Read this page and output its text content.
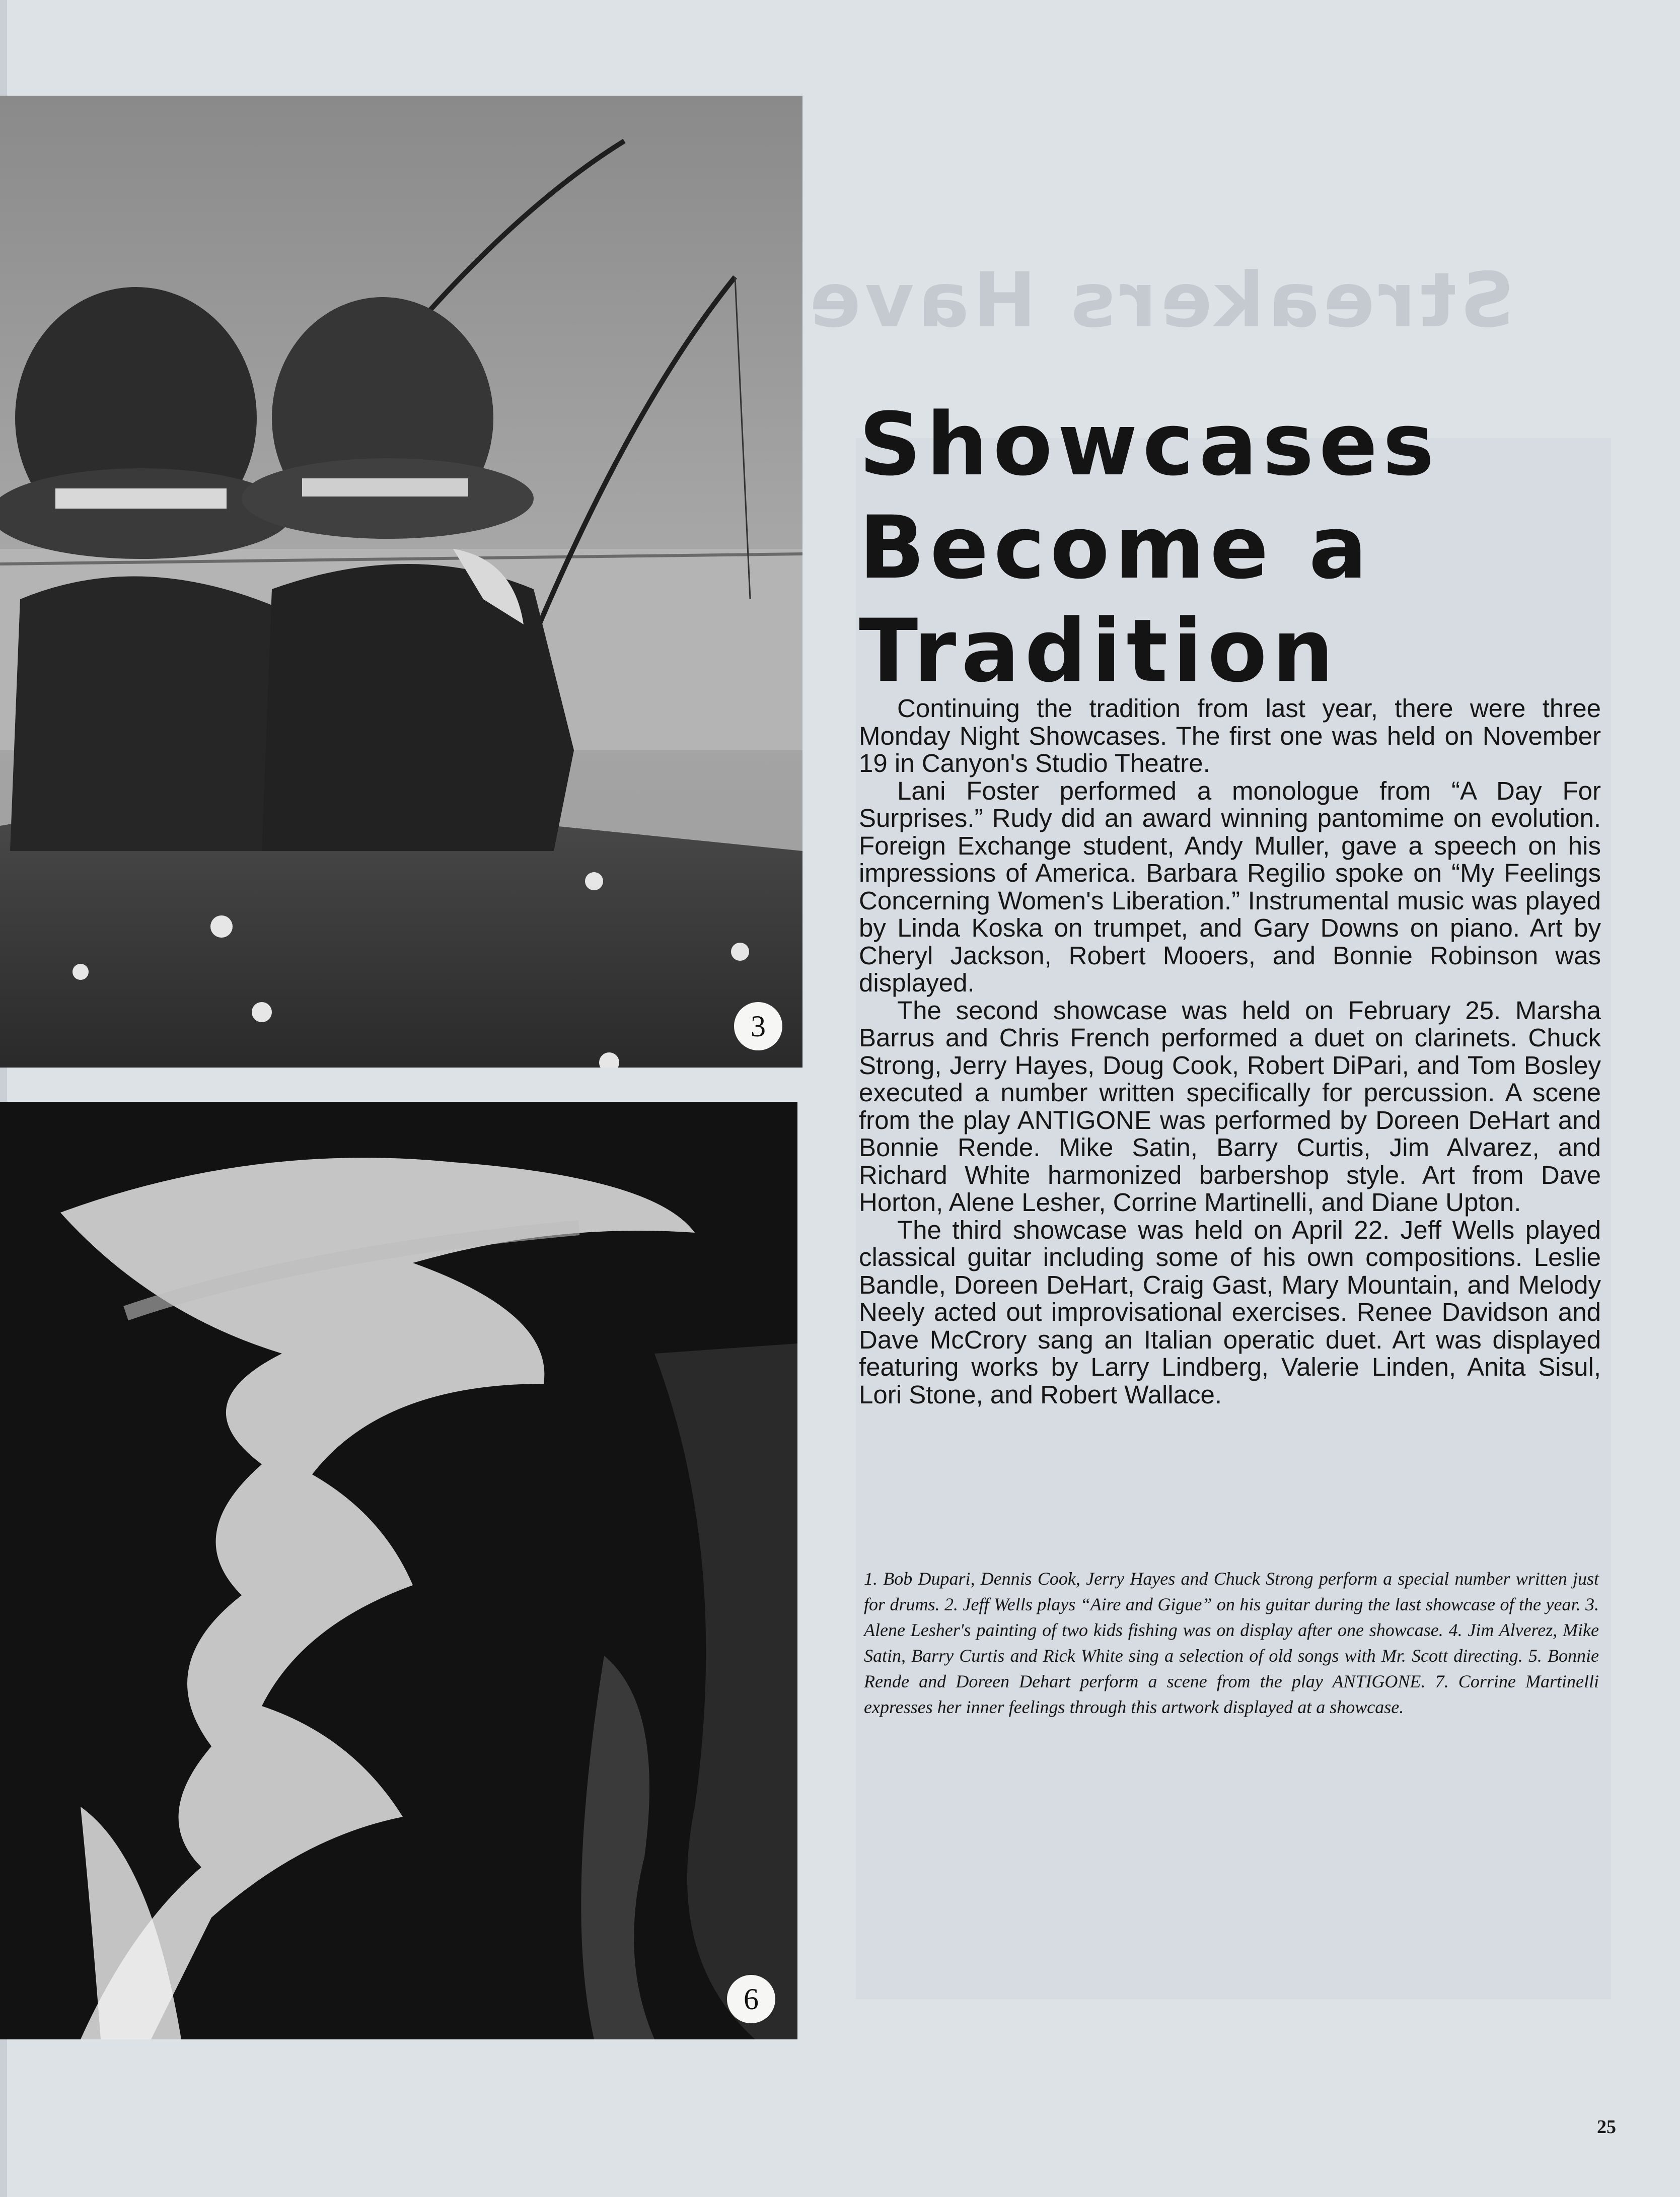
Streakers Have
3
6
Showcases
Become a
Tradition

Continuing the tradition from last year, there were three Monday Night Showcases. The first one was held on November 19 in Canyon's Studio Theatre.

Lani Foster performed a monologue from “A Day For Surprises.” Rudy did an award winning pantomime on evolution. Foreign Exchange student, Andy Muller, gave a speech on his impressions of America. Barbara Regilio spoke on “My Feelings Concerning Women's Liberation.” Instrumental music was played by Linda Koska on trumpet, and Gary Downs on piano. Art by Cheryl Jackson, Robert Mooers, and Bonnie Robinson was displayed.

The second showcase was held on February 25. Marsha Barrus and Chris French performed a duet on clarinets. Chuck Strong, Jerry Hayes, Doug Cook, Robert DiPari, and Tom Bosley executed a number written specifically for percussion. A scene from the play ANTIGONE was performed by Doreen DeHart and Bonnie Rende. Mike Satin, Barry Curtis, Jim Alvarez, and Richard White harmonized barbershop style. Art from Dave Horton, Alene Lesher, Corrine Martinelli, and Diane Upton.

The third showcase was held on April 22. Jeff Wells played classical guitar including some of his own compositions. Leslie Bandle, Doreen DeHart, Craig Gast, Mary Mountain, and Melody Neely acted out improvisational exercises. Renee Davidson and Dave McCrory sang an Italian operatic duet. Art was displayed featuring works by Larry Lindberg, Valerie Linden, Anita Sisul, Lori Stone, and Robert Wallace.

1. Bob Dupari, Dennis Cook, Jerry Hayes and Chuck Strong perform a special number written just for drums. 2. Jeff Wells plays “Aire and Gigue” on his guitar during the last showcase of the year. 3. Alene Lesher's painting of two kids fishing was on display after one showcase. 4. Jim Alverez, Mike Satin, Barry Curtis and Rick White sing a selection of old songs with Mr. Scott directing. 5. Bonnie Rende and Doreen Dehart perform a scene from the play ANTIGONE. 7. Corrine Martinelli expresses her inner feelings through this artwork displayed at a showcase.
25
